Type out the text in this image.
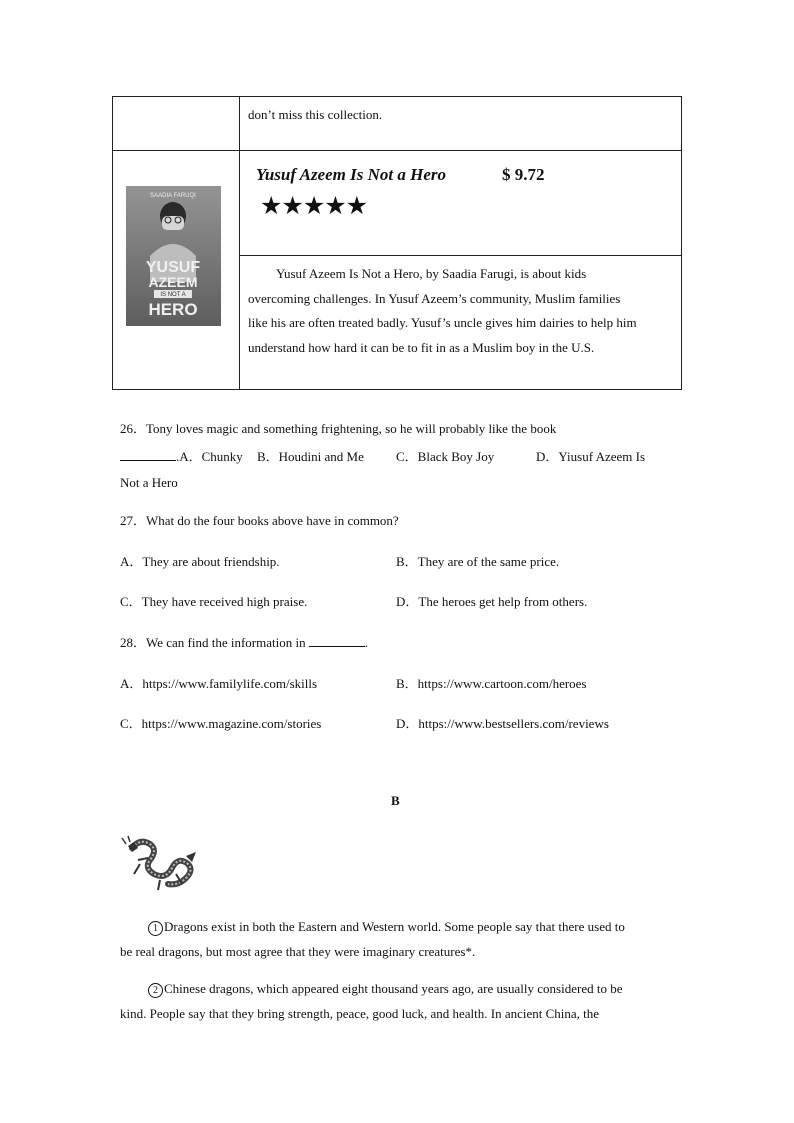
	don’t miss this collection.

	Yusuf Azeem Is Not a Hero $ 9.72
★★★★★

	Yusuf Azeem Is Not a Hero, by Saadia Farugi, is about kids
overcoming challenges. In Yusuf Azeem’s community, Muslim families
like his are often treated badly. Yusuf’s uncle gives him dairies to help him
understand how hard it can be to fit in as a Muslim boy in the U.S.
SAADIA FARUQI
YUSUF
AZEEM
IS NOT A
HERO
26．Tony loves magic and something frightening, so he will probably like the book
.A．Chunky B．Houdini and Me C．Black Boy Joy	D．Yiusuf Azeem Is
Not a Hero
27．What do the four books above have in common?
A．They are about friendship.	B．They are of the same price.
C．They have received high praise.	D．The heroes get help from others.
28．We can find the information in	.
A．https://www.familylife.com/skills	B．https://www.cartoon.com/heroes
C．https://www.magazine.com/stories	D．https://www.bestsellers.com/reviews
B
1 Dragons exist in both the Eastern and Western world. Some people say that there used to
be real dragons, but most agree that they were imaginary creatures*.
2 Chinese dragons, which appeared eight thousand years ago, are usually considered to be
kind. People say that they bring strength, peace, good luck, and health. In ancient China, the
